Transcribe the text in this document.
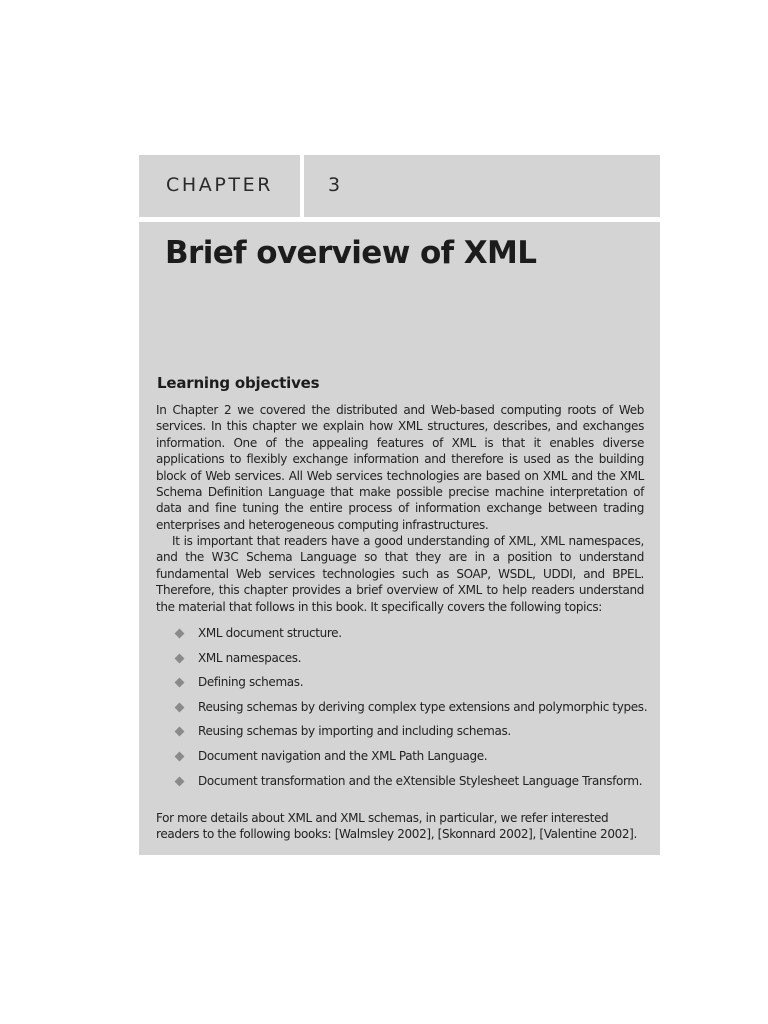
CHAPTER	3
Brief overview of XML
Learning objectives

In Chapter 2 we covered the distributed and Web-based computing roots of Web services. In this chapter we explain how XML structures, describes, and exchanges information. One of the appealing features of XML is that it enables diverse applications to flexibly exchange information and therefore is used as the building block of Web services. All Web services technologies are based on XML and the XML Schema Definition Language that make possible precise machine interpretation of data and fine tuning the entire process of information exchange between trading enterprises and heterogeneous computing infrastructures.

It is important that readers have a good understanding of XML, XML namespaces, and the W3C Schema Language so that they are in a position to understand fundamental Web services technologies such as SOAP, WSDL, UDDI, and BPEL. Therefore, this chapter provides a brief overview of XML to help readers understand the material that follows in this book. It specifically covers the following topics:

XML document structure.
XML namespaces.
Defining schemas.
Reusing schemas by deriving complex type extensions and polymorphic types.
Reusing schemas by importing and including schemas.
Document navigation and the XML Path Language.
Document transformation and the eXtensible Stylesheet Language Transform.

For more details about XML and XML schemas, in particular, we refer interested readers to the following books: [Walmsley 2002], [Skonnard 2002], [Valentine 2002].
